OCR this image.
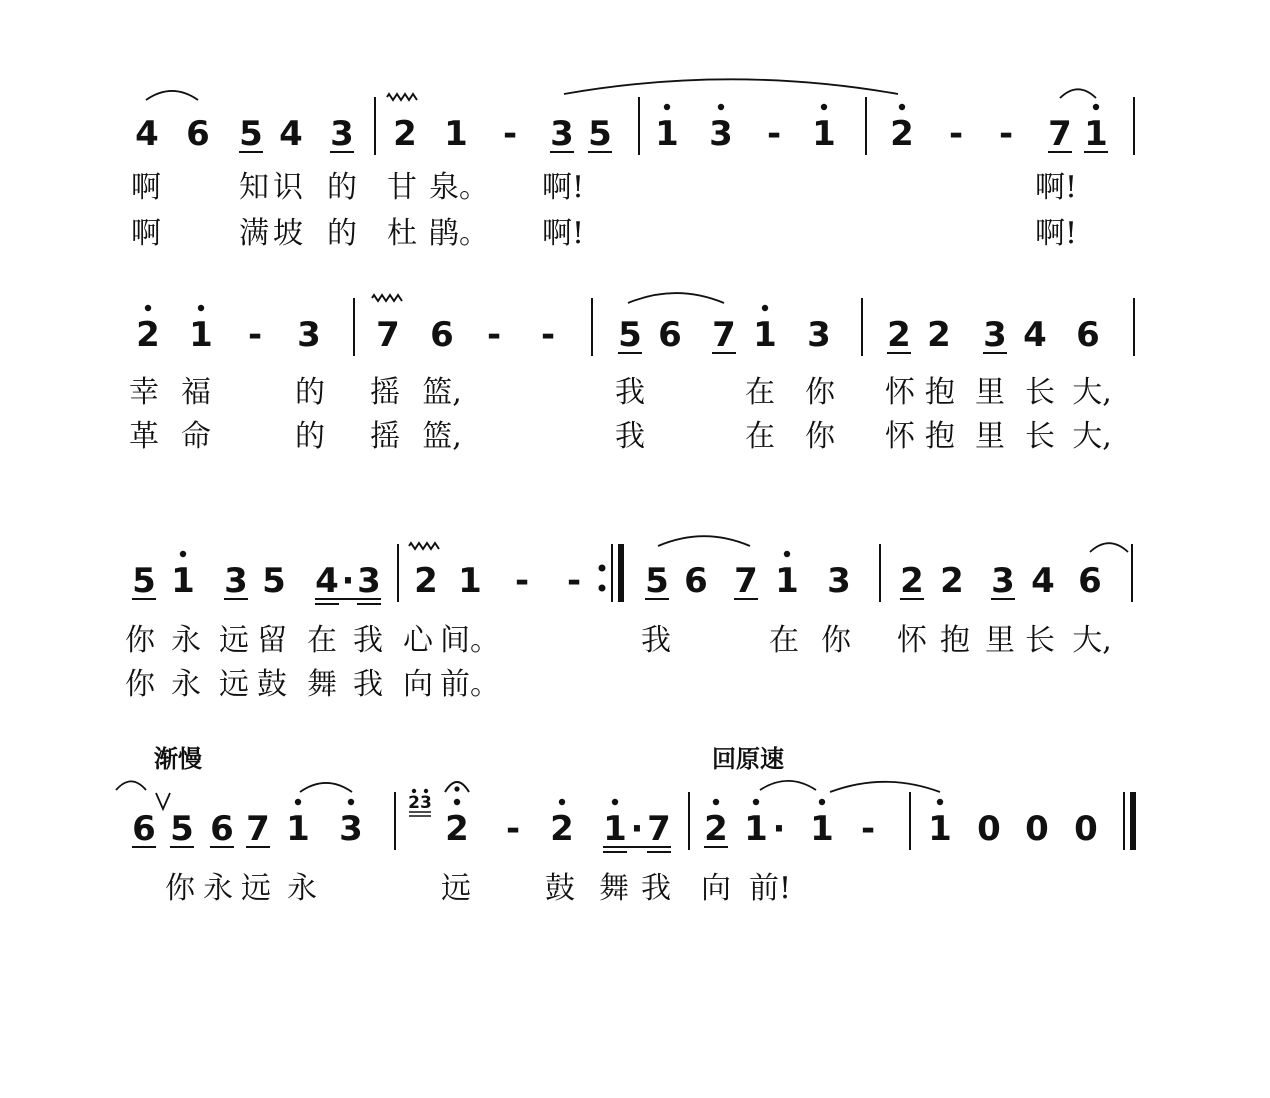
4 6 5 4 3 2 1 - 3 5 1 3 - 1 2 - - 7 1
啊	知 识 的 甘 泉。 啊!	啊!
啊	满 坡 的 杜 鹃。 啊!	啊!
2 1 - 3 7 6 - - 5 6 7 1 3 2 2 3 4 6
幸 福	的 摇 篮,	我	在 你 怀 抱 里 长 大,
革 命	的 摇 篮,	我	在 你 怀 抱 里 长 大,
5 1 3 5 4 · 3 2 1 - - 5 6 7 1 3 2 2 3 4 6
你 永 远 留 在 我 心 间。	我	在 你 怀 抱 里 长 大,
你 永 远 鼓 舞 我 向 前。
6 5 6 7 1 3 2 - 2 1 · 7 2 1 · 1 - 1 0 0 0
渐慢	回原速
23
你 永 远 永	远 鼓 舞 我 向 前!
